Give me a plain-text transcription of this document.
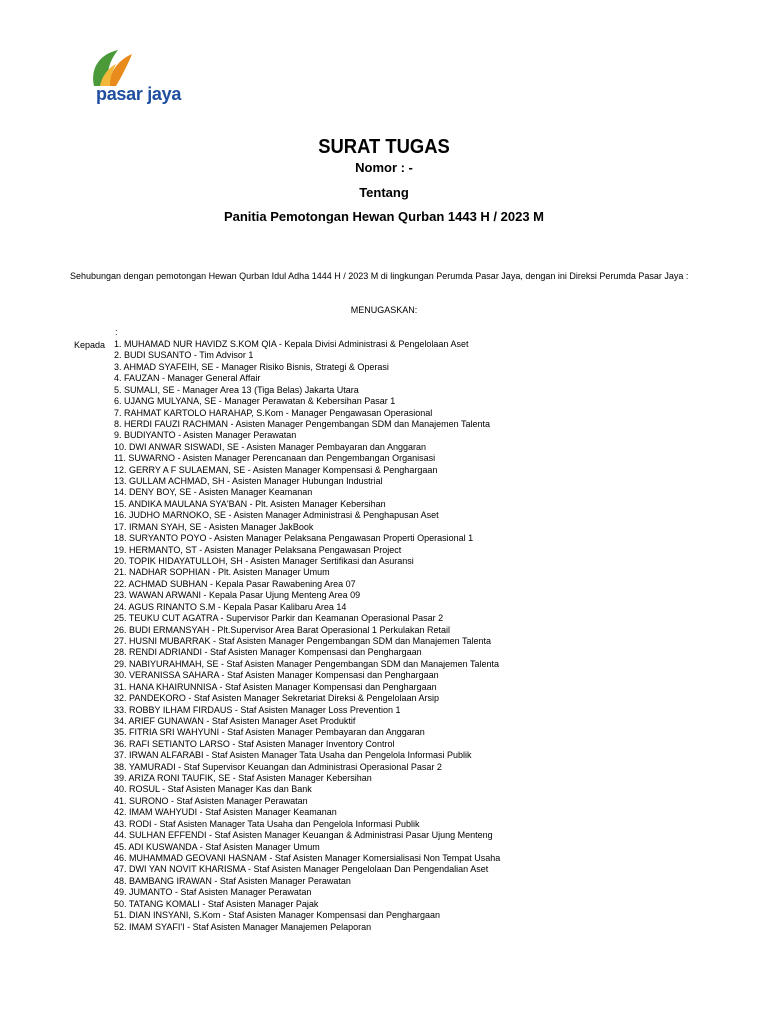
pasar jaya
SURAT TUGAS
Nomor : -
Tentang
Panitia Pemotongan Hewan Qurban 1443 H / 2023 M
Sehubungan dengan pemotongan Hewan Qurban Idul Adha 1444 H / 2023 M di lingkungan Perumda Pasar Jaya, dengan ini Direksi Perumda Pasar Jaya :
MENUGASKAN:
:
Kepada 1. MUHAMAD NUR HAVIDZ S.KOM QIA - Kepala Divisi Administrasi & Pengelolaan Aset
2. BUDI SUSANTO - Tim Advisor 1
3. AHMAD SYAFEIH, SE - Manager Risiko Bisnis, Strategi & Operasi
4. FAUZAN - Manager General Affair
5. SUMALI, SE - Manager Area 13 (Tiga Belas) Jakarta Utara
6. UJANG MULYANA, SE - Manager Perawatan & Kebersihan Pasar 1
7. RAHMAT KARTOLO HARAHAP, S.Kom - Manager Pengawasan Operasional
8. HERDI FAUZI RACHMAN - Asisten Manager Pengembangan SDM dan Manajemen Talenta
9. BUDIYANTO - Asisten Manager Perawatan
10. DWI ANWAR SISWADI, SE - Asisten Manager Pembayaran dan Anggaran
11. SUWARNO - Asisten Manager Perencanaan dan Pengembangan Organisasi
12. GERRY A F SULAEMAN, SE - Asisten Manager Kompensasi & Penghargaan
13. GULLAM ACHMAD, SH - Asisten Manager Hubungan Industrial
14. DENY BOY, SE - Asisten Manager Keamanan
15. ANDIKA MAULANA SYA'BAN - Plt. Asisten Manager Kebersihan
16. JUDHO MARNOKO, SE - Asisten Manager Administrasi & Penghapusan Aset
17. IRMAN SYAH, SE - Asisten Manager JakBook
18. SURYANTO POYO - Asisten Manager Pelaksana Pengawasan Properti Operasional 1
19. HERMANTO, ST - Asisten Manager Pelaksana Pengawasan Project
20. TOPIK HIDAYATULLOH, SH - Asisten Manager Sertifikasi dan Asuransi
21. NADHAR SOPHIAN - Plt. Asisten Manager Umum
22. ACHMAD SUBHAN - Kepala Pasar Rawabening Area 07
23. WAWAN ARWANI - Kepala Pasar Ujung Menteng Area 09
24. AGUS RINANTO S.M - Kepala Pasar Kalibaru Area 14
25. TEUKU CUT AGATRA - Supervisor Parkir dan Keamanan Operasional Pasar 2
26. BUDI ERMANSYAH - Plt.Supervisor Area Barat Operasional 1 Perkulakan Retail
27. HUSNI MUBARRAK - Staf Asisten Manager Pengembangan SDM dan Manajemen Talenta
28. RENDI ADRIANDI - Staf Asisten Manager Kompensasi dan Penghargaan
29. NABIYURAHMAH, SE - Staf Asisten Manager Pengembangan SDM dan Manajemen Talenta
30. VERANISSA SAHARA - Staf Asisten Manager Kompensasi dan Penghargaan
31. HANA KHAIRUNNISA - Staf Asisten Manager Kompensasi dan Penghargaan
32. PANDEKORO - Staf Asisten Manager Sekretariat Direksi & Pengelolaan Arsip
33. ROBBY ILHAM FIRDAUS - Staf Asisten Manager Loss Prevention 1
34. ARIEF GUNAWAN - Staf Asisten Manager Aset Produktif
35. FITRIA SRI WAHYUNI - Staf Asisten Manager Pembayaran dan Anggaran
36. RAFI SETIANTO LARSO - Staf Asisten Manager Inventory Control
37. IRWAN ALFARABI - Staf Asisten Manager Tata Usaha dan Pengelola Informasi Publik
38. YAMURADI - Staf Supervisor Keuangan dan Administrasi Operasional Pasar 2
39. ARIZA RONI TAUFIK, SE - Staf Asisten Manager Kebersihan
40. ROSUL - Staf Asisten Manager Kas dan Bank
41. SURONO - Staf Asisten Manager Perawatan
42. IMAM WAHYUDI - Staf Asisten Manager Keamanan
43. RODI - Staf Asisten Manager Tata Usaha dan Pengelola Informasi Publik
44. SULHAN EFFENDI - Staf Asisten Manager Keuangan & Administrasi Pasar Ujung Menteng
45. ADI KUSWANDA - Staf Asisten Manager Umum
46. MUHAMMAD GEOVANI HASNAM - Staf Asisten Manager Komersialisasi Non Tempat Usaha
47. DWI YAN NOVIT KHARISMA - Staf Asisten Manager Pengelolaan Dan Pengendalian Aset
48. BAMBANG IRAWAN - Staf Asisten Manager Perawatan
49. JUMANTO - Staf Asisten Manager Perawatan
50. TATANG KOMALI - Staf Asisten Manager Pajak
51. DIAN INSYANI, S.Kom - Staf Asisten Manager Kompensasi dan Penghargaan
52. IMAM SYAFI'I - Staf Asisten Manager Manajemen Pelaporan
